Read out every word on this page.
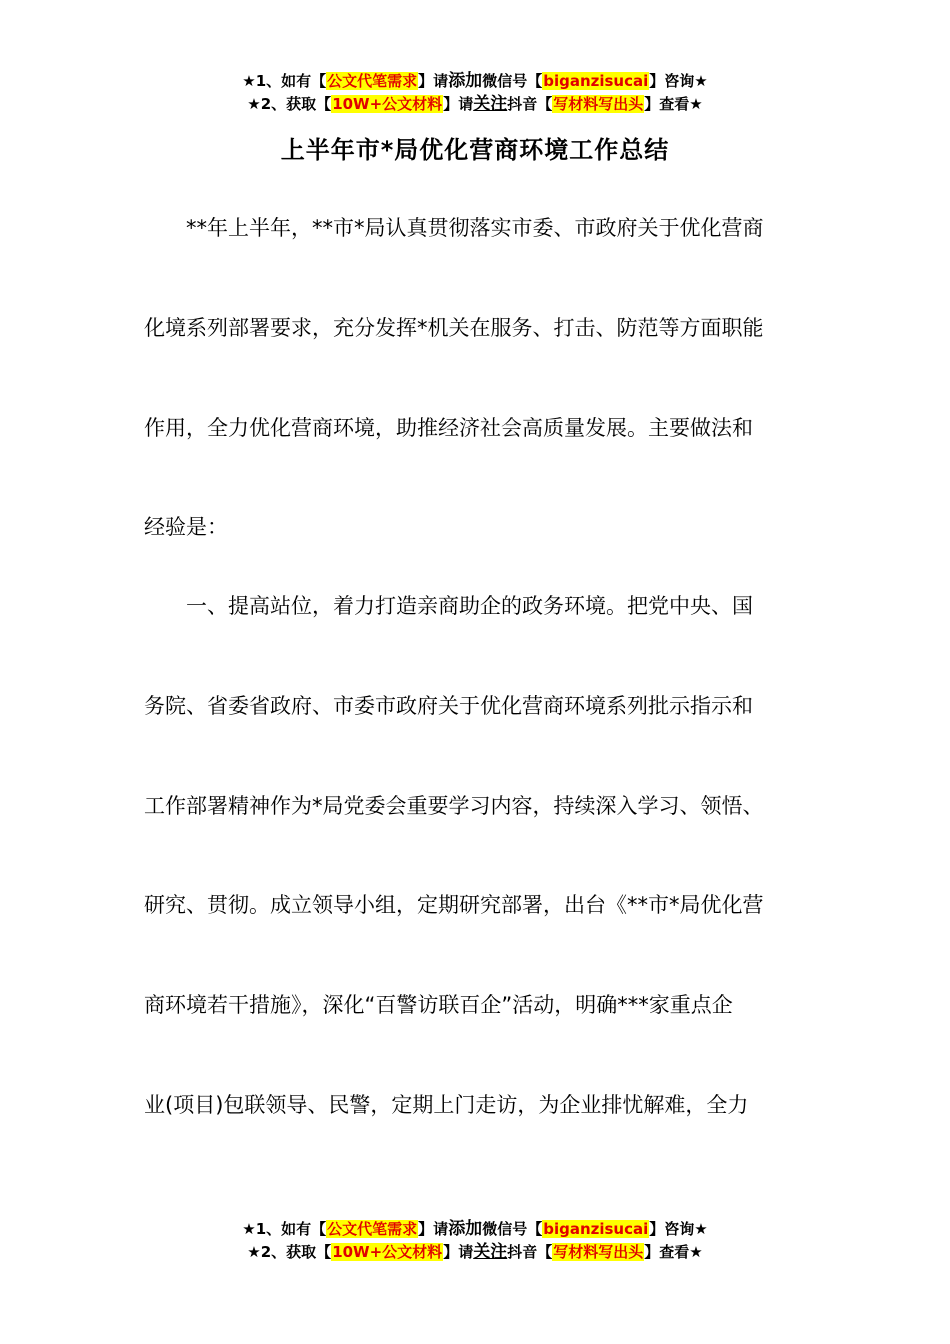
★1、如有【公文代笔需求】请添加微信号【biganzisucai】咨询★
★2、获取【10W+公文材料】请关注抖音【写材料写出头】查看★
上半年市*局优化营商环境工作总结
**年上半年，**市*局认真贯彻落实市委、市政府关于优化营商
化境系列部署要求，充分发挥*机关在服务、打击、防范等方面职能
作用，全力优化营商环境，助推经济社会高质量发展。主要做法和
经验是：
一、提高站位，着力打造亲商助企的政务环境。把党中央、国
务院、省委省政府、市委市政府关于优化营商环境系列批示指示和
工作部署精神作为*局党委会重要学习内容，持续深入学习、领悟、
研究、贯彻。成立领导小组，定期研究部署，出台《**市*局优化营
商环境若干措施》，深化“百警访联百企”活动，明确***家重点企
业(项目)包联领导、民警，定期上门走访，为企业排忧解难，全力
★1、如有【公文代笔需求】请添加微信号【biganzisucai】咨询★
★2、获取【10W+公文材料】请关注抖音【写材料写出头】查看★
